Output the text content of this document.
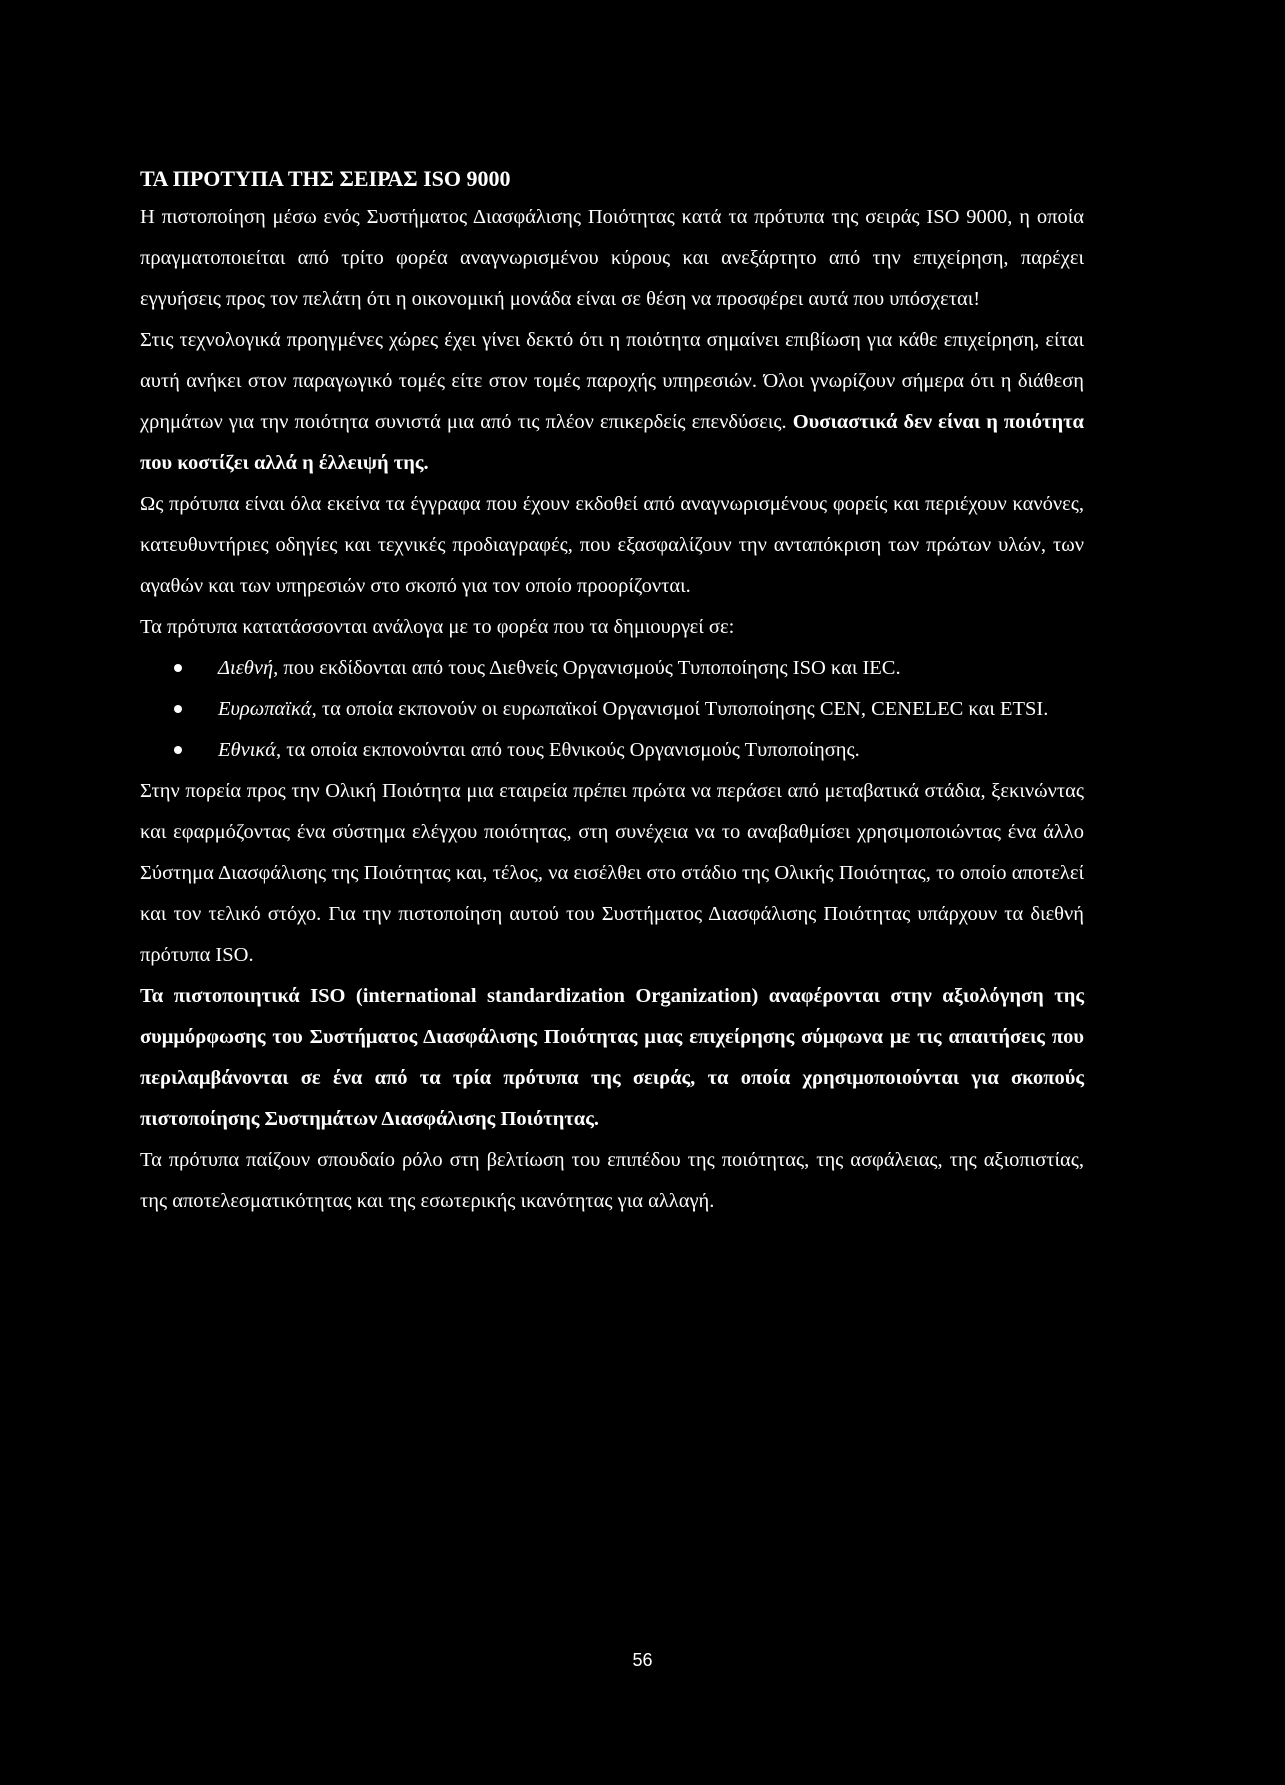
ΤΑ ΠΡΟΤΥΠΑ ΤΗΣ ΣΕΙΡΑΣ ISO 9000

Η πιστοποίηση μέσω ενός Συστήματος Διασφάλισης Ποιότητας κατά τα πρότυπα της σειράς ISO 9000, η οποία πραγματοποιείται από τρίτο φορέα αναγνωρισμένου κύρους και ανεξάρτητο από την επιχείρηση, παρέχει εγγυήσεις προς τον πελάτη ότι η οικονομική μονάδα είναι σε θέση να προσφέρει αυτά που υπόσχεται!

Στις τεχνολογικά προηγμένες χώρες έχει γίνει δεκτό ότι η ποιότητα σημαίνει επιβίωση για κάθε επιχείρηση, είται αυτή ανήκει στον παραγωγικό τομές είτε στον τομές παροχής υπηρεσιών. Όλοι γνωρίζουν σήμερα ότι η διάθεση χρημάτων για την ποιότητα συνιστά μια από τις πλέον επικερδείς επενδύσεις. Ουσιαστικά δεν είναι η ποιότητα που κοστίζει αλλά η έλλειψή της.

Ως πρότυπα είναι όλα εκείνα τα έγγραφα που έχουν εκδοθεί από αναγνωρισμένους φορείς και περιέχουν κανόνες, κατευθυντήριες οδηγίες και τεχνικές προδιαγραφές, που εξασφαλίζουν την ανταπόκριση των πρώτων υλών, των αγαθών και των υπηρεσιών στο σκοπό για τον οποίο προορίζονται.

Τα πρότυπα κατατάσσονται ανάλογα με το φορέα που τα δημιουργεί σε:

Διεθνή, που εκδίδονται από τους Διεθνείς Οργανισμούς Τυποποίησης ISO και IEC.
Ευρωπαϊκά, τα οποία εκπονούν οι ευρωπαϊκοί Οργανισμοί Τυποποίησης CEN, CENELEC και ETSI.
Εθνικά, τα οποία εκπονούνται από τους Εθνικούς Οργανισμούς Τυποποίησης.

Στην πορεία προς την Ολική Ποιότητα μια εταιρεία πρέπει πρώτα να περάσει από μεταβατικά στάδια, ξεκινώντας και εφαρμόζοντας ένα σύστημα ελέγχου ποιότητας, στη συνέχεια να το αναβαθμίσει χρησιμοποιώντας ένα άλλο Σύστημα Διασφάλισης της Ποιότητας και, τέλος, να εισέλθει στο στάδιο της Ολικής Ποιότητας, το οποίο αποτελεί και τον τελικό στόχο. Για την πιστοποίηση αυτού του Συστήματος Διασφάλισης Ποιότητας υπάρχουν τα διεθνή πρότυπα ISO.

Τα πιστοποιητικά ISO (international standardization Organization) αναφέρονται στην αξιολόγηση της συμμόρφωσης του Συστήματος Διασφάλισης Ποιότητας μιας επιχείρησης σύμφωνα με τις απαιτήσεις που περιλαμβάνονται σε ένα από τα τρία πρότυπα της σειράς, τα οποία χρησιμοποιούνται για σκοπούς πιστοποίησης Συστημάτων Διασφάλισης Ποιότητας.

Τα πρότυπα παίζουν σπουδαίο ρόλο στη βελτίωση του επιπέδου της ποιότητας, της ασφάλειας, της αξιοπιστίας, της αποτελεσματικότητας και της εσωτερικής ικανότητας για αλλαγή.

56
